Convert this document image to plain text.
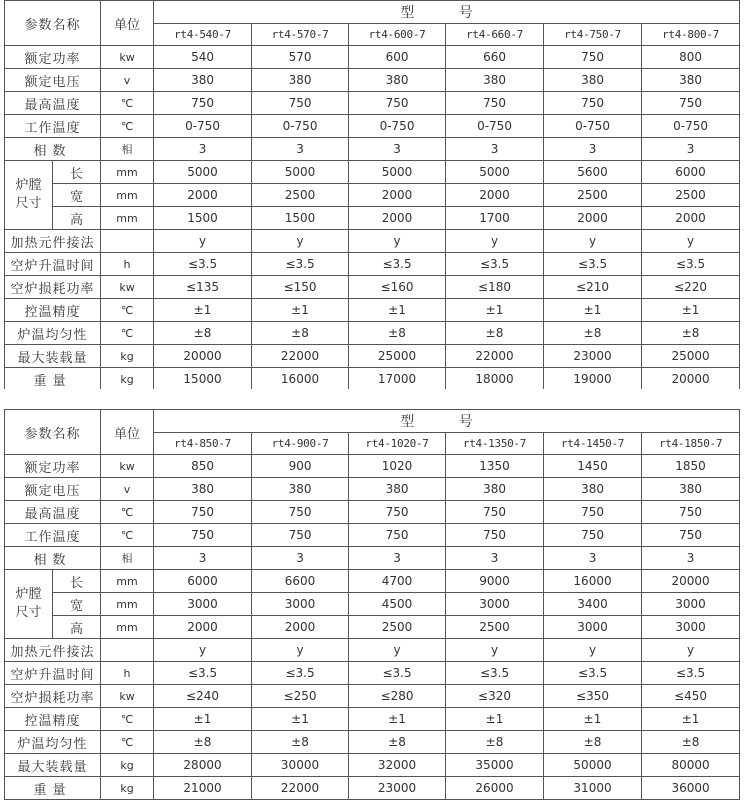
参数名称		单位	型 号					
			rt4-540-7	rt4-570-7	rt4-600-7	rt4-660-7	rt4-750-7	rt4-800-7
额定功率		kw	540	570	600	660	750	800
额定电压		v	380	380	380	380	380	380
最高温度		℃	750	750	750	750	750	750
工作温度		℃	0-750	0-750	0-750	0-750	0-750	0-750
相数		相	3	3	3	3	3	3

炉膛
尺寸	长	mm	5000	5000	5000	5000	5600	6000
	宽	mm	2000	2500	2000	2000	2500	2500
	高	mm	1500	1500	2000	1700	2000	2000
加热元件接法			y	y	y	y	y	y
空炉升温时间		h	≤3.5	≤3.5	≤3.5	≤3.5	≤3.5	≤3.5
空炉损耗功率		kw	≤135	≤150	≤160	≤180	≤210	≤220
控温精度		℃	±1	±1	±1	±1	±1	±1
炉温均匀性		℃	±8	±8	±8	±8	±8	±8
最大装载量		kg	20000	22000	25000	22000	23000	25000
重量		kg	15000	16000	17000	18000	19000	20000
参数名称		单位	型 号					
			rt4-850-7	rt4-900-7	rt4-1020-7	rt4-1350-7	rt4-1450-7	rt4-1850-7
额定功率		kw	850	900	1020	1350	1450	1850
额定电压		v	380	380	380	380	380	380
最高温度		℃	750	750	750	750	750	750
工作温度		℃	750	750	750	750	750	750
相数		相	3	3	3	3	3	3

炉膛
尺寸	长	mm	6000	6600	4700	9000	16000	20000
	宽	mm	3000	3000	4500	3000	3400	3000
	高	mm	2000	2000	2500	2500	3000	3000
加热元件接法			y	y	y	y	y	y
空炉升温时间		h	≤3.5	≤3.5	≤3.5	≤3.5	≤3.5	≤3.5
空炉损耗功率		kw	≤240	≤250	≤280	≤320	≤350	≤450
控温精度		℃	±1	±1	±1	±1	±1	±1
炉温均匀性		℃	±8	±8	±8	±8	±8	±8
最大装载量		kg	28000	30000	32000	35000	50000	80000
重量		kg	21000	22000	23000	26000	31000	36000
